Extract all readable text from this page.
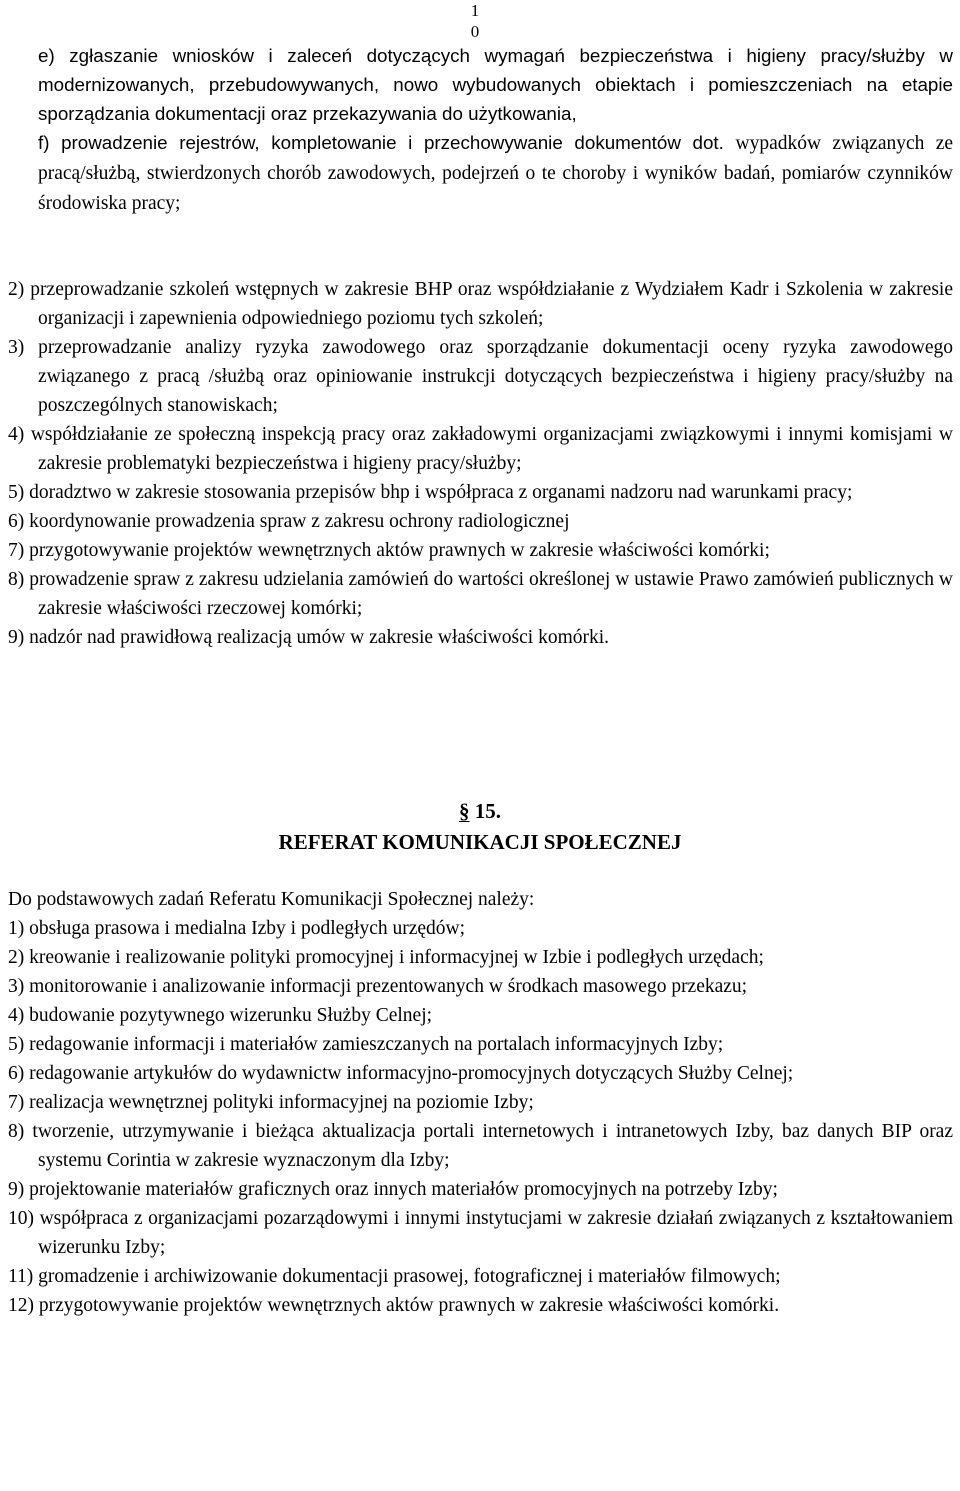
1
0

e) zgłaszanie wniosków i zaleceń dotyczących wymagań bezpieczeństwa i higieny pracy/służby w modernizowanych, przebudowywanych, nowo wybudowanych obiektach i pomieszczeniach na etapie sporządzania dokumentacji oraz przekazywania do użytkowania,

f) prowadzenie rejestrów, kompletowanie i przechowywanie dokumentów dot. wypadków związanych ze pracą/służbą, stwierdzonych chorób zawodowych, podejrzeń o te choroby i wyników badań, pomiarów czynników środowiska pracy;

2) przeprowadzanie szkoleń wstępnych w zakresie BHP oraz współdziałanie z Wydziałem Kadr i Szkolenia w zakresie organizacji i zapewnienia odpowiedniego poziomu tych szkoleń;

3) przeprowadzanie analizy ryzyka zawodowego oraz sporządzanie dokumentacji oceny ryzyka zawodowego związanego z pracą /służbą oraz opiniowanie instrukcji dotyczących bezpieczeństwa i higieny pracy/służby na poszczególnych stanowiskach;

4) współdziałanie ze społeczną inspekcją pracy oraz zakładowymi organizacjami związkowymi i innymi komisjami w zakresie problematyki bezpieczeństwa i higieny pracy/służby;

5) doradztwo w zakresie stosowania przepisów bhp i współpraca z organami nadzoru nad warunkami pracy;

6) koordynowanie prowadzenia spraw z zakresu ochrony radiologicznej

7) przygotowywanie projektów wewnętrznych aktów prawnych w zakresie właściwości komórki;

8) prowadzenie spraw z zakresu udzielania zamówień do wartości określonej w ustawie Prawo zamówień publicznych w zakresie właściwości rzeczowej komórki;

9) nadzór nad prawidłową realizacją umów w zakresie właściwości komórki.

§ 15.
REFERAT KOMUNIKACJI SPOŁECZNEJ

Do podstawowych zadań Referatu Komunikacji Społecznej należy:

1) obsługa prasowa i medialna Izby i podległych urzędów;

2) kreowanie i realizowanie polityki promocyjnej i informacyjnej w Izbie i podległych urzędach;

3) monitorowanie i analizowanie informacji prezentowanych w środkach masowego przekazu;

4) budowanie pozytywnego wizerunku Służby Celnej;

5) redagowanie informacji i materiałów zamieszczanych na portalach informacyjnych Izby;

6) redagowanie artykułów do wydawnictw informacyjno-promocyjnych dotyczących Służby Celnej;

7) realizacja wewnętrznej polityki informacyjnej na poziomie Izby;

8) tworzenie, utrzymywanie i bieżąca aktualizacja portali internetowych i intranetowych Izby, baz danych BIP oraz systemu Corintia w zakresie wyznaczonym dla Izby;

9) projektowanie materiałów graficznych oraz innych materiałów promocyjnych na potrzeby Izby;

10) współpraca z organizacjami pozarządowymi i innymi instytucjami w zakresie działań związanych z kształtowaniem wizerunku Izby;

11) gromadzenie i archiwizowanie dokumentacji prasowej, fotograficznej i materiałów filmowych;

12) przygotowywanie projektów wewnętrznych aktów prawnych w zakresie właściwości komórki.
